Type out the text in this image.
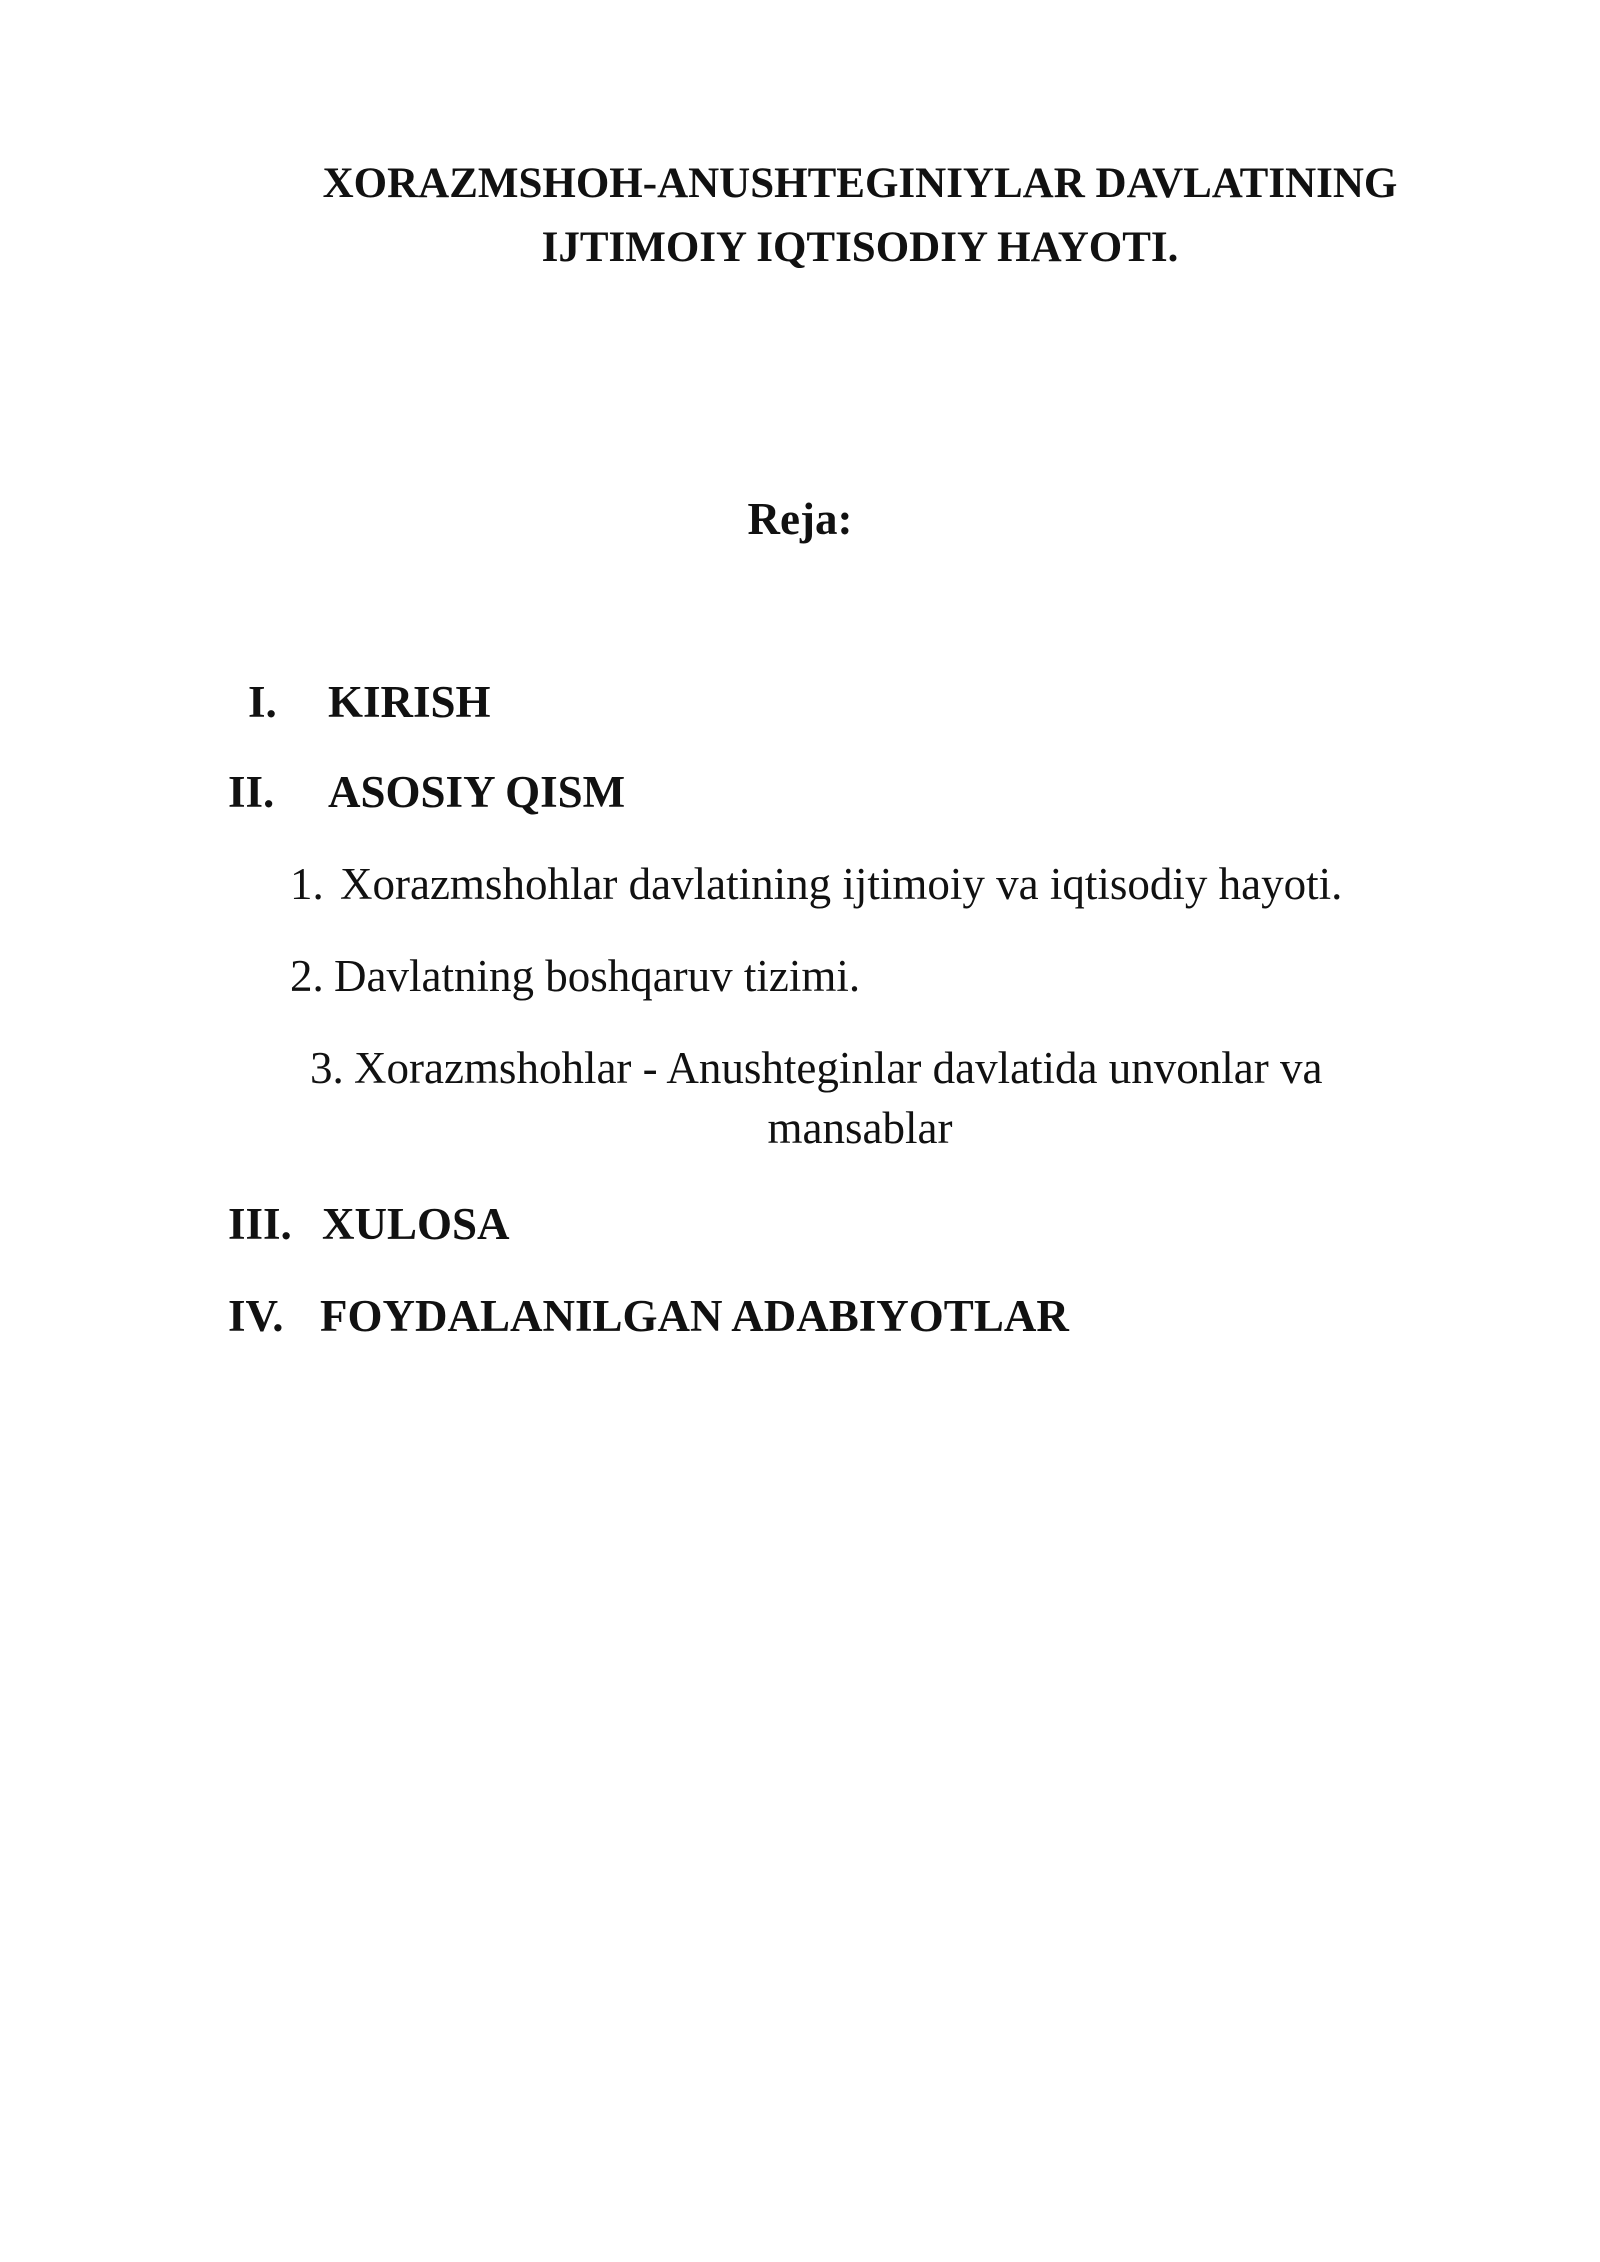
XORAZMSHOH-ANUSHTEGINIYLAR DAVLATINING
IJTIMOIY IQTISODIY HAYOTI.
Reja:
I. KIRISH
II. ASOSIY QISM
1. Xorazmshohlar davlatining ijtimoiy va iqtisodiy hayoti.
2. Davlatning boshqaruv tizimi.
3. Xorazmshohlar - Anushteginlar davlatida unvonlar va
mansablar
III. XULOSA
IV. FOYDALANILGAN ADABIYOTLAR
